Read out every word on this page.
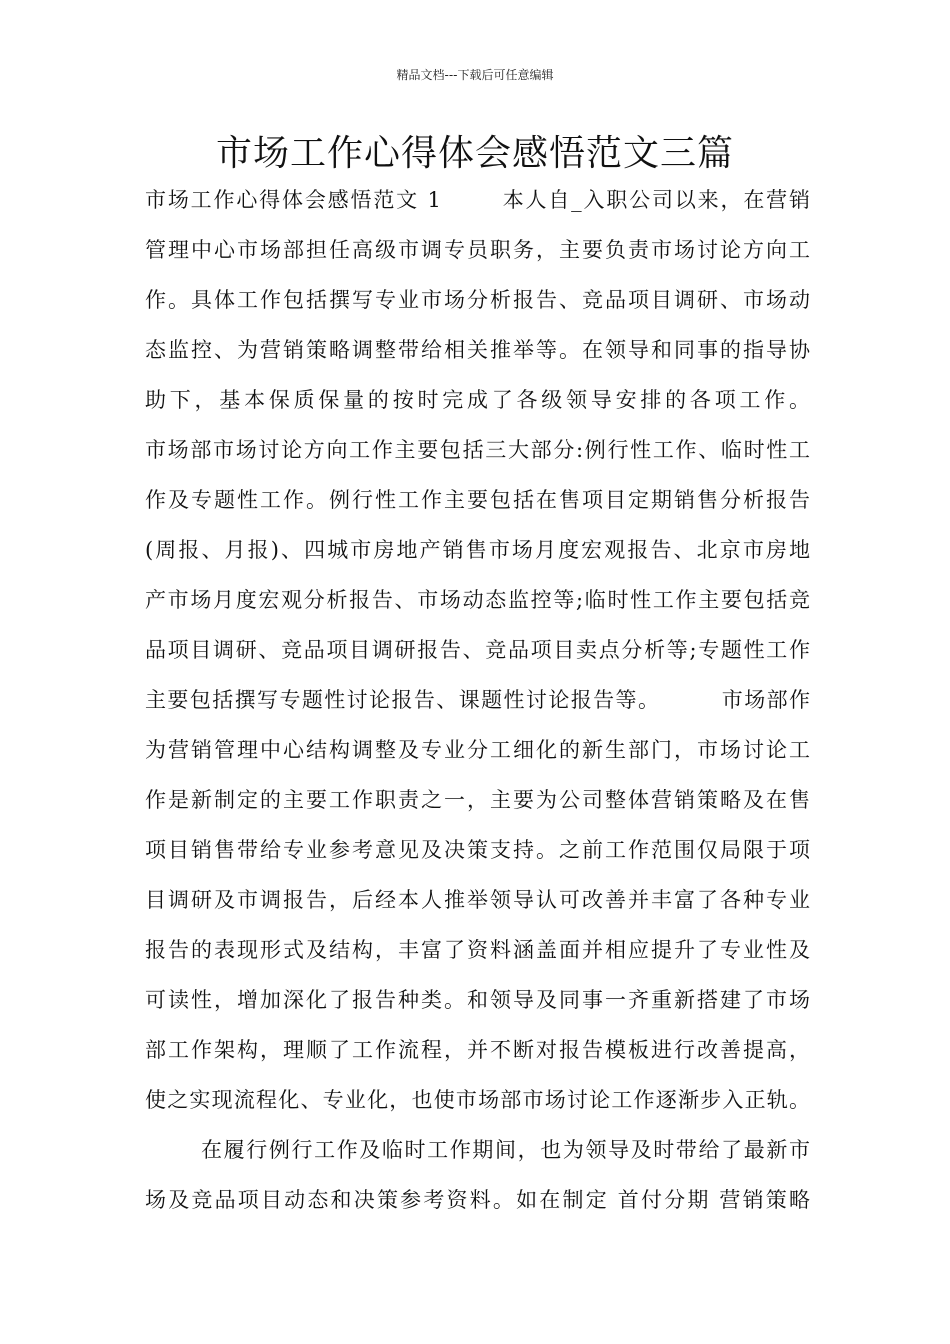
精品文档---下载后可任意编辑
市场工作心得体会感悟范文三篇
市场工作心得体会感悟范文 1	本人自_入职公司以来，在营销
管理中心市场部担任高级市调专员职务，主要负责市场讨论方向工
作。具体工作包括撰写专业市场分析报告、竞品项目调研、市场动
态监控、为营销策略调整带给相关推举等。在领导和同事的指导协
助下，基本保质保量的按时完成了各级领导安排的各项工作。
市场部市场讨论方向工作主要包括三大部分:例行性工作、临时性工
作及专题性工作。例行性工作主要包括在售项目定期销售分析报告
(周报、月报)、四城市房地产销售市场月度宏观报告、北京市房地
产市场月度宏观分析报告、市场动态监控等;临时性工作主要包括竞
品项目调研、竞品项目调研报告、竞品项目卖点分析等;专题性工作
主要包括撰写专题性讨论报告、课题性讨论报告等。	市场部作
为营销管理中心结构调整及专业分工细化的新生部门，市场讨论工
作是新制定的主要工作职责之一，主要为公司整体营销策略及在售
项目销售带给专业参考意见及决策支持。之前工作范围仅局限于项
目调研及市调报告，后经本人推举领导认可改善并丰富了各种专业
报告的表现形式及结构，丰富了资料涵盖面并相应提升了专业性及
可读性，增加深化了报告种类。和领导及同事一齐重新搭建了市场
部工作架构，理顺了工作流程，并不断对报告模板进行改善提高，
使之实现流程化、专业化，也使市场部市场讨论工作逐渐步入正轨。
在履行例行工作及临时工作期间，也为领导及时带给了最新市
场及竞品项目动态和决策参考资料。如在制定 首付分期 营销策略
